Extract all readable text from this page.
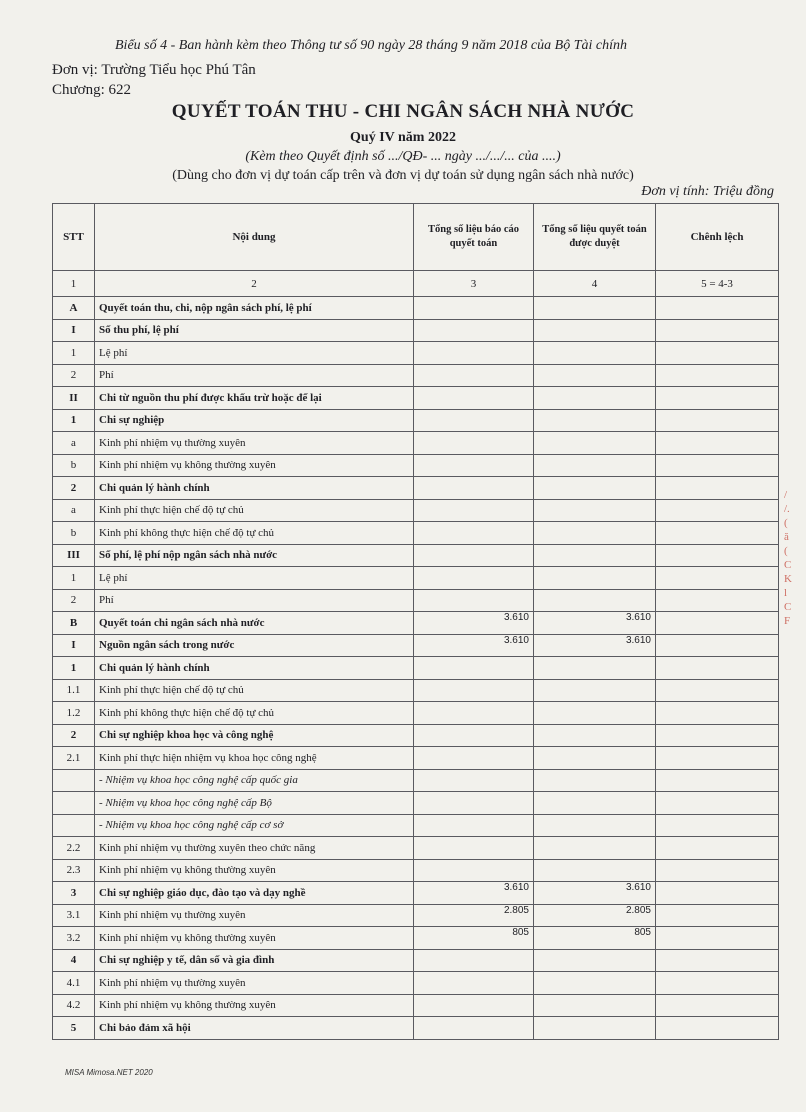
Biểu số 4 - Ban hành kèm theo Thông tư số 90 ngày 28 tháng 9 năm 2018 của Bộ Tài chính
Đơn vị: Trường Tiểu học Phú Tân
Chương: 622
QUYẾT TOÁN THU - CHI NGÂN SÁCH NHÀ NƯỚC
Quý IV năm 2022
(Kèm theo Quyết định số .../QĐ- ... ngày .../.../... của ....)
(Dùng cho đơn vị dự toán cấp trên và đơn vị dự toán sử dụng ngân sách nhà nước)
Đơn vị tính: Triệu đồng
STT	Nội dung	Tổng số liệu báo cáo quyết toán	Tổng số liệu quyết toán được duyệt	Chênh lệch
1	2	3	4	5 = 4-3
A	Quyết toán thu, chi, nộp ngân sách phí, lệ phí			
I	Số thu phí, lệ phí			
1	Lệ phí			
2	Phí			
II	Chi từ nguồn thu phí được khấu trừ hoặc để lại			
1	Chi sự nghiệp			
a	Kinh phí nhiệm vụ thường xuyên			
b	Kinh phí nhiệm vụ không thường xuyên			
2	Chi quản lý hành chính			
a	Kinh phí thực hiện chế độ tự chủ			
b	Kinh phí không thực hiện chế độ tự chủ			
III	Số phí, lệ phí nộp ngân sách nhà nước			
1	Lệ phí			
2	Phí			
B	Quyết toán chi ngân sách nhà nước	3.610	3.610	
I	Nguồn ngân sách trong nước	3.610	3.610	
1	Chi quản lý hành chính			
1.1	Kinh phí thực hiện chế độ tự chủ			
1.2	Kinh phí không thực hiện chế độ tự chủ			
2	Chi sự nghiệp khoa học và công nghệ			
2.1	Kinh phí thực hiện nhiệm vụ khoa học công nghệ			
	- Nhiệm vụ khoa học công nghệ cấp quốc gia			
	- Nhiệm vụ khoa học công nghệ cấp Bộ			
	- Nhiệm vụ khoa học công nghệ cấp cơ sở			
2.2	Kinh phí nhiệm vụ thường xuyên theo chức năng			
2.3	Kinh phí nhiệm vụ không thường xuyên			
3	Chi sự nghiệp giáo dục, đào tạo và dạy nghề	3.610	3.610	
3.1	Kinh phí nhiệm vụ thường xuyên	2.805	2.805	
3.2	Kinh phí nhiệm vụ không thường xuyên	805	805	
4	Chi sự nghiệp y tế, dân số và gia đình			
4.1	Kinh phí nhiệm vụ thường xuyên			
4.2	Kinh phí nhiệm vụ không thường xuyên			
5	Chi bảo đảm xã hội			
/
/.
(
ă
(
C
K
l
C
F
MISA Mimosa.NET 2020
